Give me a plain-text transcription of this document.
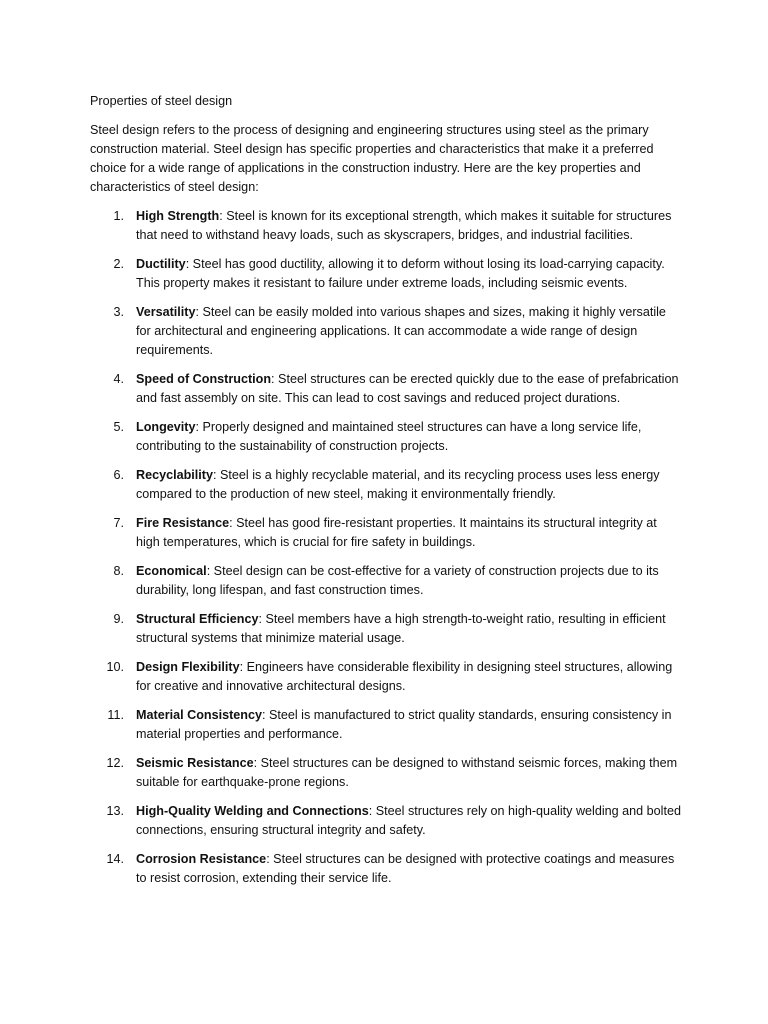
Properties of steel design

Steel design refers to the process of designing and engineering structures using steel as the primary construction material. Steel design has specific properties and characteristics that make it a preferred choice for a wide range of applications in the construction industry. Here are the key properties and characteristics of steel design:

1. High Strength: Steel is known for its exceptional strength, which makes it suitable for structures that need to withstand heavy loads, such as skyscrapers, bridges, and industrial facilities.
2. Ductility: Steel has good ductility, allowing it to deform without losing its load-carrying capacity. This property makes it resistant to failure under extreme loads, including seismic events.
3. Versatility: Steel can be easily molded into various shapes and sizes, making it highly versatile for architectural and engineering applications. It can accommodate a wide range of design requirements.
4. Speed of Construction: Steel structures can be erected quickly due to the ease of prefabrication and fast assembly on site. This can lead to cost savings and reduced project durations.
5. Longevity: Properly designed and maintained steel structures can have a long service life, contributing to the sustainability of construction projects.
6. Recyclability: Steel is a highly recyclable material, and its recycling process uses less energy compared to the production of new steel, making it environmentally friendly.
7. Fire Resistance: Steel has good fire-resistant properties. It maintains its structural integrity at high temperatures, which is crucial for fire safety in buildings.
8. Economical: Steel design can be cost-effective for a variety of construction projects due to its durability, long lifespan, and fast construction times.
9. Structural Efficiency: Steel members have a high strength-to-weight ratio, resulting in efficient structural systems that minimize material usage.
10. Design Flexibility: Engineers have considerable flexibility in designing steel structures, allowing for creative and innovative architectural designs.
11. Material Consistency: Steel is manufactured to strict quality standards, ensuring consistency in material properties and performance.
12. Seismic Resistance: Steel structures can be designed to withstand seismic forces, making them suitable for earthquake-prone regions.
13. High-Quality Welding and Connections: Steel structures rely on high-quality welding and bolted connections, ensuring structural integrity and safety.
14. Corrosion Resistance: Steel structures can be designed with protective coatings and measures to resist corrosion, extending their service life.
